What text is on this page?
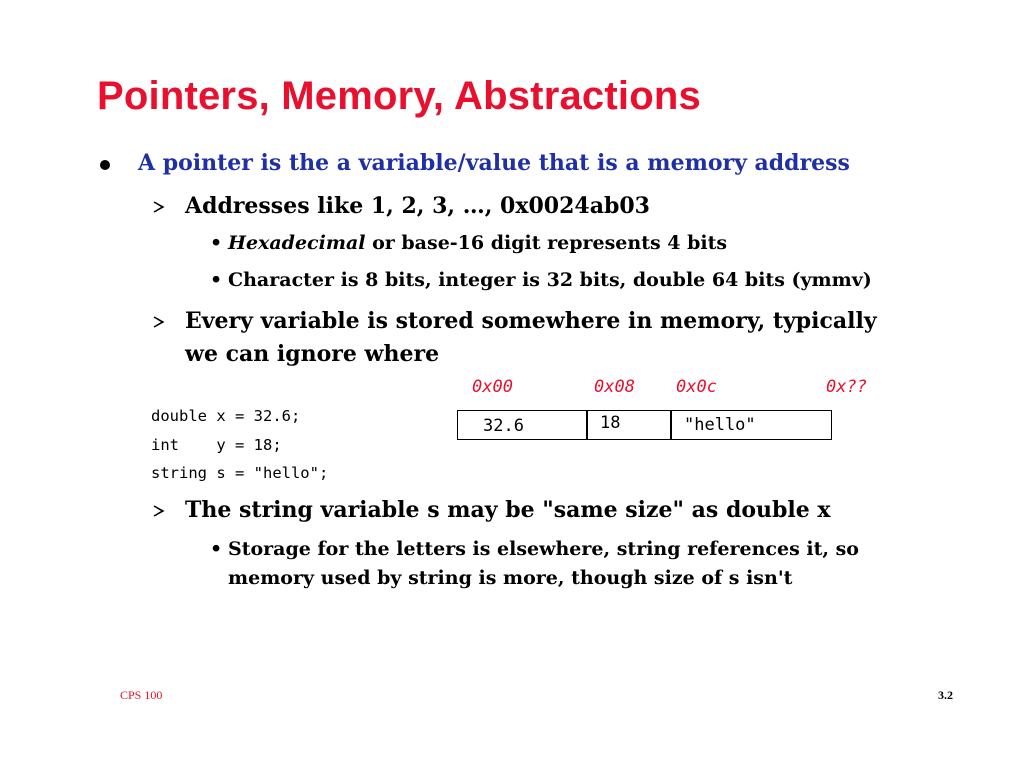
Pointers, Memory, Abstractions
A pointer is the a variable/value that is a memory address
Addresses like 1, 2, 3, …, 0x0024ab03
• Hexadecimal or base-16 digit represents 4 bits
• Character is 8 bits, integer is 32 bits, double 64 bits (ymmv)
Every variable is stored somewhere in memory, typically
we can ignore where
0x00	0x08 0x0c	0x??
double x = 32.6;
int    y = 18;
string s = "hello";
32.6	18	"hello"
The string variable s may be "same size" as double x
• Storage for the letters is elsewhere, string references it, so
memory used by string is more, though size of s isn't
CPS 100	3.2
